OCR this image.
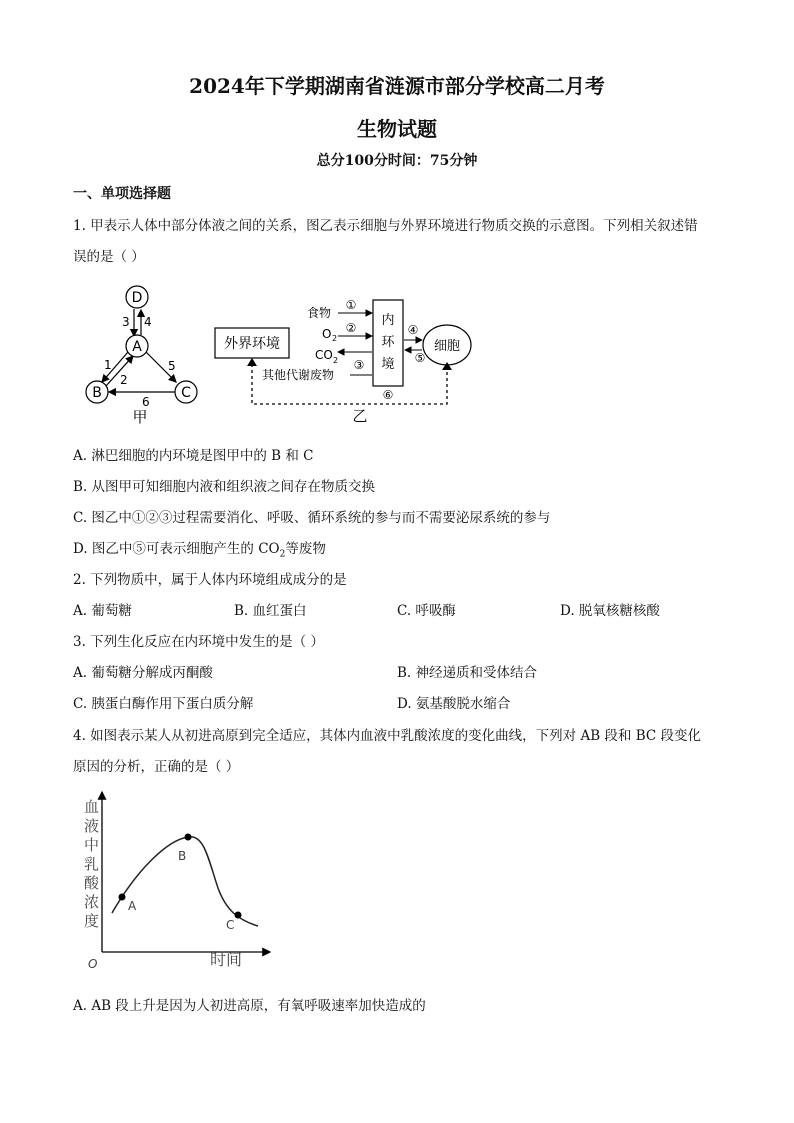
2024年下学期湖南省涟源市部分学校高二月考
生物试题
总分100分时间：75分钟
一、单项选择题
1. 甲表示人体中部分体液之间的关系，图乙表示细胞与外界环境进行物质交换的示意图。下列相关叙述错
误的是（ ）
D
A
B	C
3 4
1
2
5
6
甲
外界环境
内
环
境
细胞
食物
①
O 2
②
CO 2 ③
其他代谢废物
④
⑤
⑥
乙
A. 淋巴细胞的内环境是图甲中的 B 和 C
B. 从图甲可知细胞内液和组织液之间存在物质交换
C. 图乙中①②③过程需要消化、呼吸、循环系统的参与而不需要泌尿系统的参与
D. 图乙中⑤可表示细胞产生的 $CO_2$等废物
2. 下列物质中，属于人体内环境组成成分的是
A. 葡萄糖	B. 血红蛋白	C. 呼吸酶	D. 脱氧核糖核酸
3. 下列生化反应在内环境中发生的是（ ）
A. 葡萄糖分解成丙酮酸	B. 神经递质和受体结合
C. 胰蛋白酶作用下蛋白质分解	D. 氨基酸脱水缩合
4. 如图表示某人从初进高原到完全适应，其体内血液中乳酸浓度的变化曲线，下列对 AB 段和 BC 段变化
原因的分析，正确的是（ ）
血
液
中
乳
酸
浓
度
O	时间
A
B
C
A. AB 段上升是因为人初进高原，有氧呼吸速率加快造成的
